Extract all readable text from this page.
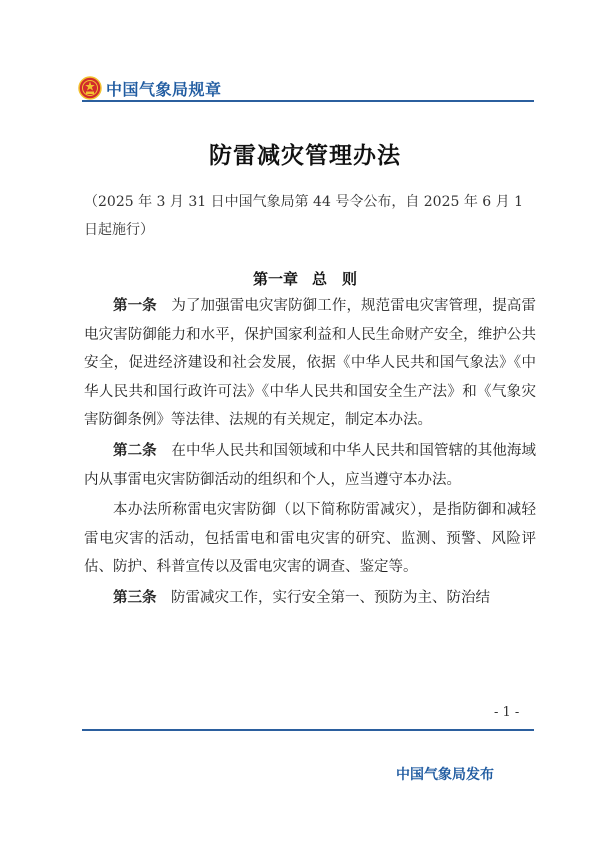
中国气象局规章
防雷减灾管理办法
（2025 年 3 月 31 日中国气象局第 44 号令公布，自 2025 年 6 月 1 日起施行）
第一章 总　则

第一条　 为了加强雷电灾害防御工作，规范雷电灾害管理，提高雷电灾害防御能力和水平，保护国家利益和人民生命财产安全，维护公共安全，促进经济建设和社会发展，依据《中华人民共和国气象法》《中华人民共和国行政许可法》《中华人民共和国安全生产法》和《气象灾害防御条例》等法律、法规的有关规定，制定本办法。

第二条　 在中华人民共和国领域和中华人民共和国管辖的其他海域内从事雷电灾害防御活动的组织和个人，应当遵守本办法。

本办法所称雷电灾害防御（以下简称防雷减灾），是指防御和减轻雷电灾害的活动，包括雷电和雷电灾害的研究、监测、预警、风险评估、防护、科普宣传以及雷电灾害的调查、鉴定等。

第三条　 防雷减灾工作，实行安全第一、预防为主、防治结

- 1 -
中国气象局发布
